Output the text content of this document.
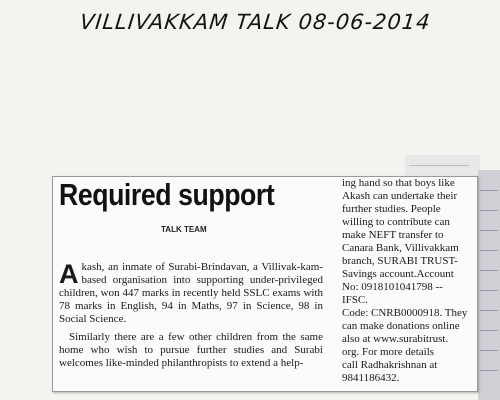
VILLIVAKKAM TALK 08-06-2014
Required support
TALK TEAM

Akash, an inmate of Surabi-Brindavan, a Villivak-kam-based organisation into supporting under-privileged children, won 447 marks in recently held SSLC exams with 78 marks in English, 94 in Maths, 97 in Science, 98 in Social Science.

Similarly there are a few other children from the same home who wish to pursue further studies and Surabi welcomes like-minded philanthropists to extend a help-

ing hand so that boys like
Akash can undertake their
further studies. People
willing to contribute can
make NEFT transfer to
Canara Bank, Villivakkam
branch, SURABI TRUST-
Savings account.Account
No: 0918101041798 -- IFSC.
Code: CNRB0000918. They
can make donations online
also at www.surabitrust.
org. For more details
call Radhakrishnan at
9841186432.
